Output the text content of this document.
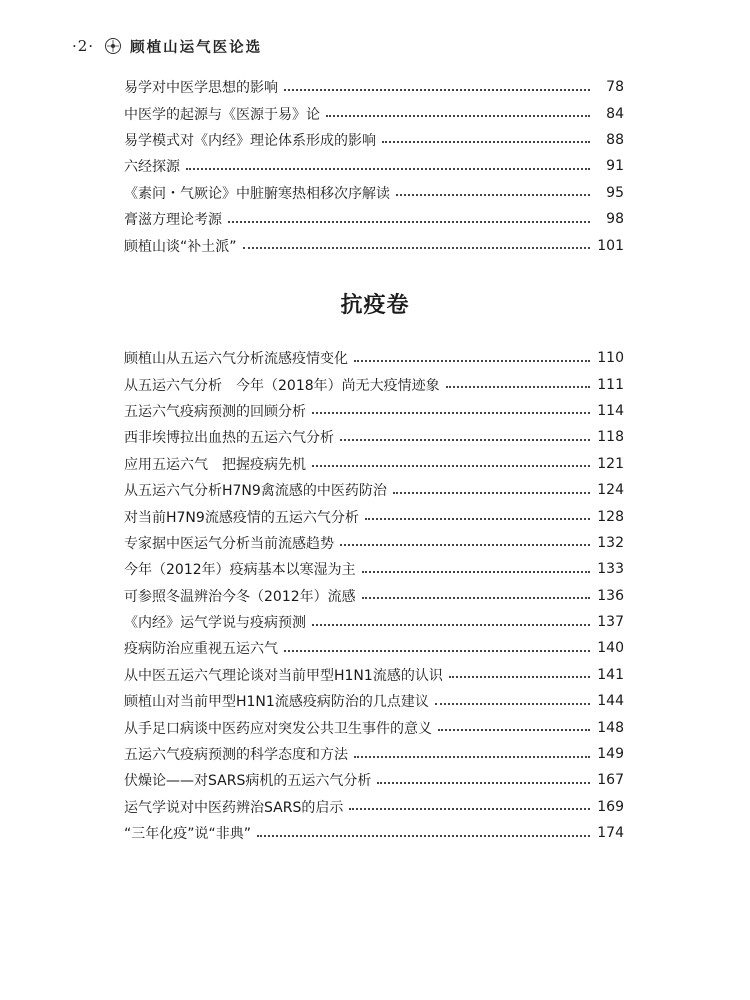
·2· 顾植山运气医论选
易学对中医学思想的影响	78
中医学的起源与《医源于易》论	84
易学模式对《内经》理论体系形成的影响	88
六经探源	91
《素问・气厥论》中脏腑寒热相移次序解读	95
膏滋方理论考源	98
顾植山谈“补土派”	101
抗疫卷
顾植山从五运六气分析流感疫情变化	110
从五运六气分析　今年（2018年）尚无大疫情迹象	111
五运六气疫病预测的回顾分析	114
西非埃博拉出血热的五运六气分析	118
应用五运六气　把握疫病先机	121
从五运六气分析H7N9禽流感的中医药防治	124
对当前H7N9流感疫情的五运六气分析	128
专家据中医运气分析当前流感趋势	132
今年（2012年）疫病基本以寒湿为主	133
可参照冬温辨治今冬（2012年）流感	136
《内经》运气学说与疫病预测	137
疫病防治应重视五运六气	140
从中医五运六气理论谈对当前甲型H1N1流感的认识	141
顾植山对当前甲型H1N1流感疫病防治的几点建议	144
从手足口病谈中医药应对突发公共卫生事件的意义	148
五运六气疫病预测的科学态度和方法	149
伏燥论——对SARS病机的五运六气分析	167
运气学说对中医药辨治SARS的启示	169
“三年化疫”说“非典”	174
